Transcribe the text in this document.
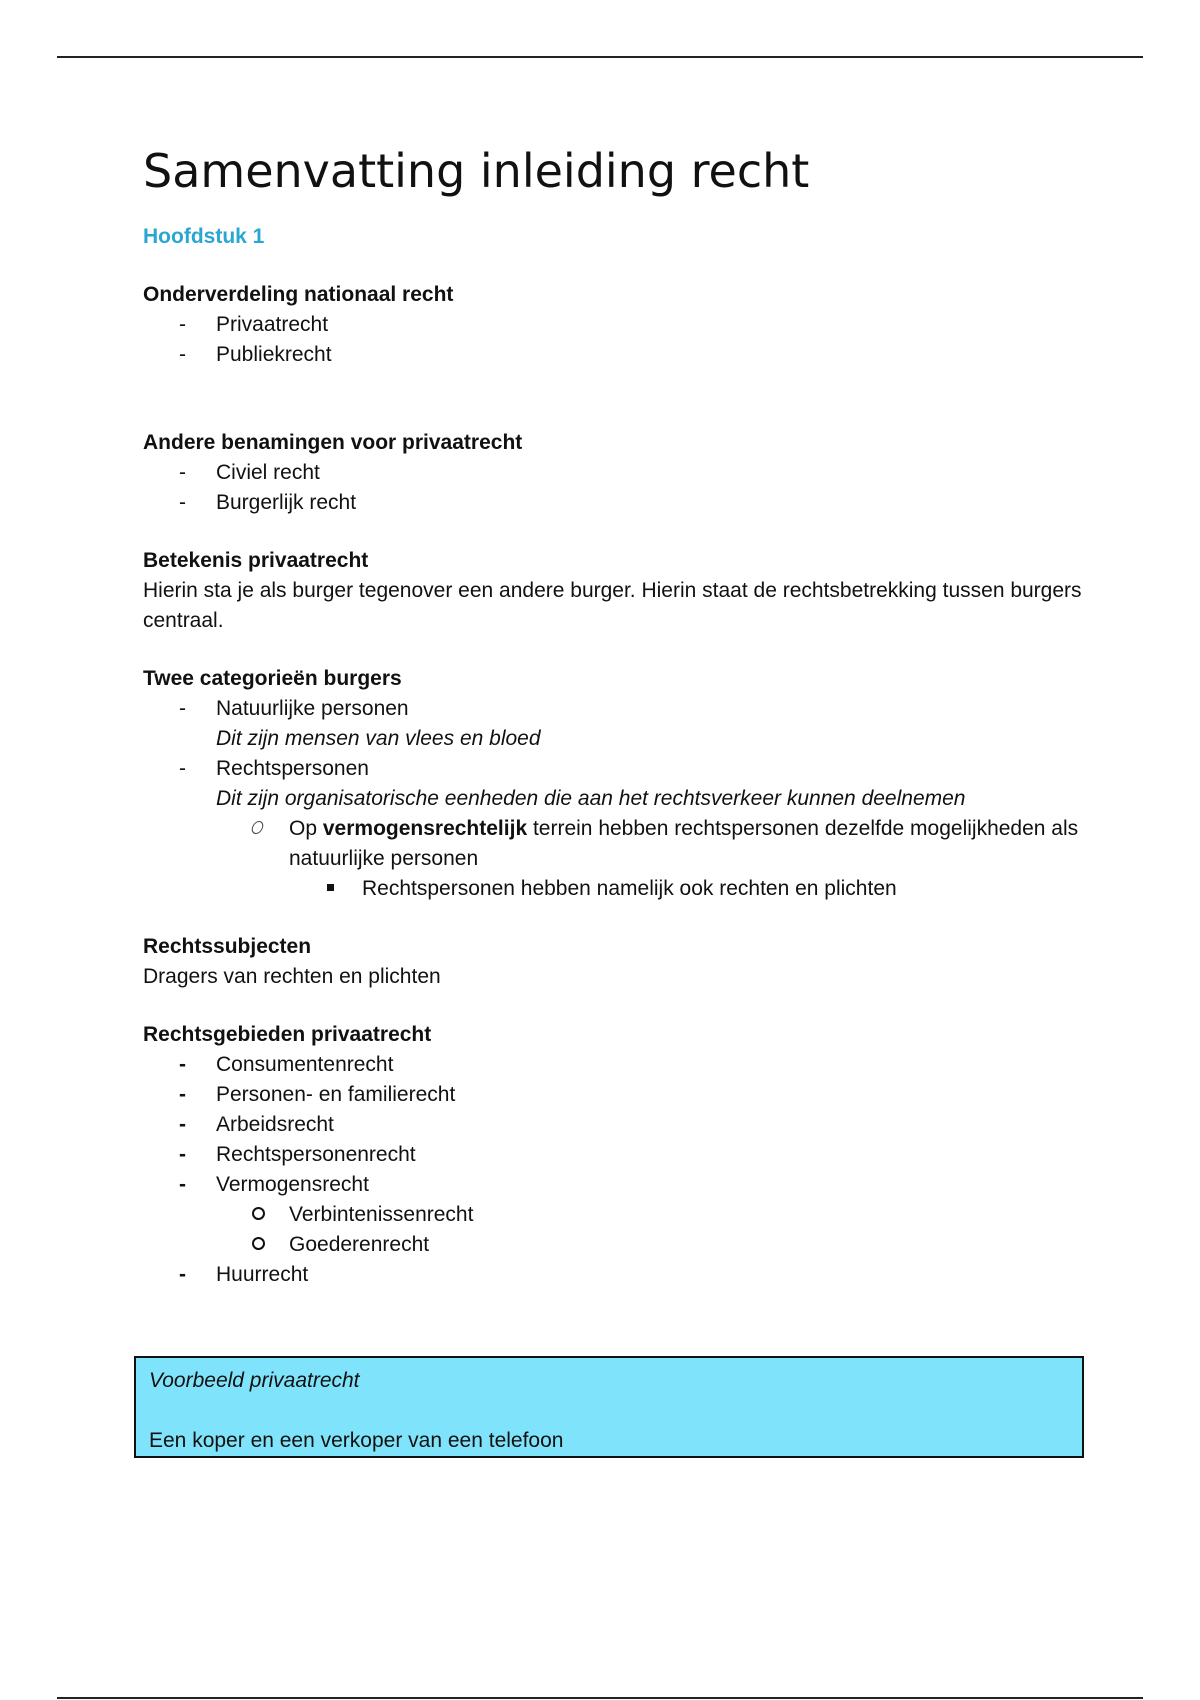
Samenvatting inleiding recht
Hoofdstuk 1
Onderverdeling nationaal recht
-	Privaatrecht
-	Publiekrecht
Andere benamingen voor privaatrecht
-	Civiel recht
-	Burgerlijk recht
Betekenis privaatrecht

Hierin sta je als burger tegenover een andere burger. Hierin staat de rechtsbetrekking tussen burgers centraal.

Twee categorieën burgers
-	Natuurlijke personen
Dit zijn mensen van vlees en bloed
-	Rechtspersonen
Dit zijn organisatorische eenheden die aan het rechtsverkeer kunnen deelnemen
Op vermogensrechtelijk terrein hebben rechtspersonen dezelfde mogelijkheden als natuurlijke personen
Rechtspersonen hebben namelijk ook rechten en plichten
Rechtssubjecten

Dragers van rechten en plichten

Rechtsgebieden privaatrecht
-	Consumentenrecht
-	Personen- en familierecht
-	Arbeidsrecht
-	Rechtspersonenrecht
-	Vermogensrecht
Verbintenissenrecht
Goederenrecht
-	Huurrecht
Voorbeeld privaatrecht
Een koper en een verkoper van een telefoon
